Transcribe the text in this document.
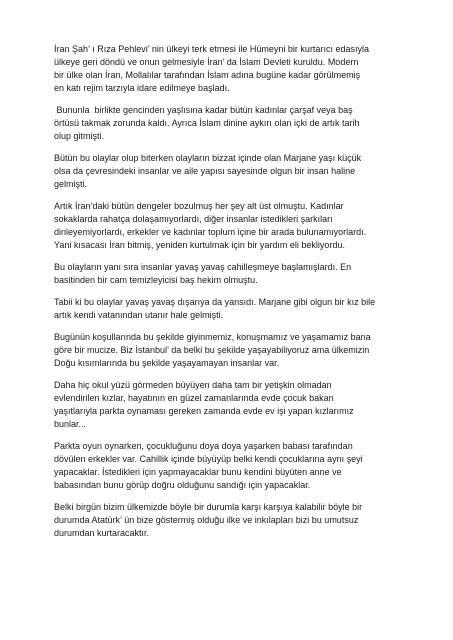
İran Şah’ ı Rıza Pehlevi’ nin ülkeyi terk etmesi ile Hümeyni bir kurtarıcı edasıyla
ülkeye geri döndü ve onun gelmesiyle İran’ da İslam Devleti kuruldu. Modern
bir ülke olan İran, Mollalılar tarafından İslam adına bugüne kadar görülmemiş
en katı rejim tarzıyla idare edilmeye başladı.

Bununla  birlikte gencinden yaşlısına kadar bütün kadınlar çarşaf veya baş
örtüsü takmak zorunda kaldı. Ayrıca İslam dinine aykırı olan içki de artık tarih
olup gitmişti.

Bütün bu olaylar olup biterken olayların bizzat içinde olan Marjane yaşı küçük
olsa da çevresindeki insanlar ve aile yapısı sayesinde olgun bir insan haline
gelmişti.

Artık İran’daki bütün dengeler bozulmuş her şey alt üst olmuştu. Kadınlar
sokaklarda rahatça dolaşamıyorlardı, diğer insanlar istedikleri şarkıları
dinleyemiyorlardı, erkekler ve kadınlar toplum içine bir arada bulunamıyorlardı.
Yani kısacası İran bitmiş, yeniden kurtulmak için bir yardım eli bekliyordu.

Bu olayların yanı sıra insanlar yavaş yavaş cahilleşmeye başlamışlardı. En
basitinden bir cam temizleyicisi baş hekim olmuştu.

Tabii ki bu olaylar yavaş yavaş dışarıya da yansıdı. Marjane gibi olgun bir kız bile
artık kendi vatanından utanır hale gelmişti.

Bugünün koşullarında bu şekilde giyinmemiz, konuşmamız ve yaşamamız bana
göre bir mucize. Biz İstanbul’ da belki bu şekilde yaşayabiliyoruz ama ülkemizin
Doğu kısımlarında bu şekilde yaşayamayan insanlar var.

Daha hiç okul yüzü görmeden büyüyen daha tam bir yetişkin olmadan
evlendirilen kızlar, hayatının en güzel zamanlarında evde çocuk bakan
yaşıtlarıyla parkta oynaması gereken zamanda evde ev işi yapan kızlarımız
bunlar...

Parkta oyun oynarken, çocukluğunu doya doya yaşarken babası tarafından
dövülen erkekler var. Cahillik içinde büyüyüp belki kendi çocuklarına aynı şeyi
yapacaklar. İstedikleri için yapmayacaklar bunu kendini büyüten anne ve
babasından bunu görüp doğru olduğunu sandığı için yapacaklar.

Belki birgün bizim ülkemizde böyle bir durumla karşı karşıya kalabilir böyle bir
durumda Atatürk’ ün bize göstermiş olduğu ilke ve inkılapları bizi bu umutsuz
durumdan kurtaracaktır.
